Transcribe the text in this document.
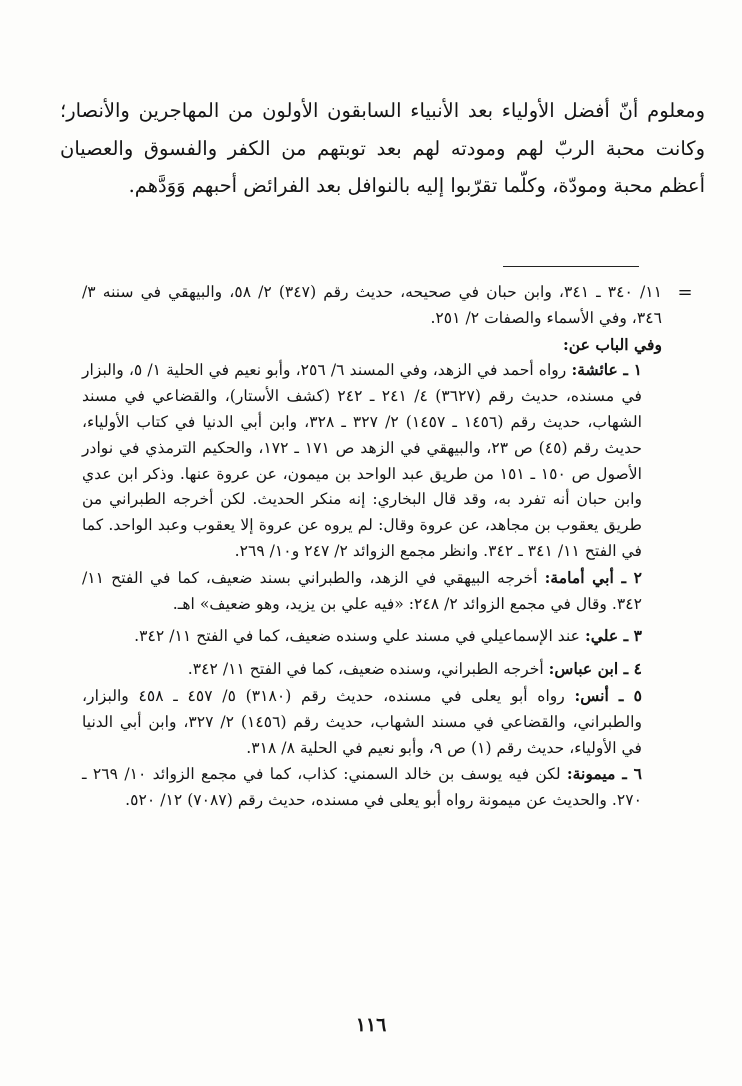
ومعلوم أنّ أفضل الأولياء بعد الأنبياء السابقون الأولون من المهاجرين والأنصار؛ وكانت محبة الربّ لهم ومودته لهم بعد توبتهم من الكفر والفسوق والعصيان أعظم محبة ومودّة، وكلّما تقرّبوا إليه بالنوافل بعد الفرائض أحبهم وَوَدَّهم.

=

١١/ ٣٤٠ ـ ٣٤١، وابن حبان في صحيحه، حديث رقم (٣٤٧) ٢/ ٥٨، والبيهقي في سننه ٣/ ٣٤٦، وفي الأسماء والصفات ٢/ ٢٥١.

وفي الباب عن:

١ ـ عائشة: رواه أحمد في الزهد، وفي المسند ٦/ ٢٥٦، وأبو نعيم في الحلية ١/ ٥، والبزار في مسنده، حديث رقم (٣٦٢٧) ٤/ ٢٤١ ـ ٢٤٢ (كشف الأستار)، والقضاعي في مسند الشهاب، حديث رقم (١٤٥٦ ـ ١٤٥٧) ٢/ ٣٢٧ ـ ٣٢٨، وابن أبي الدنيا في كتاب الأولياء، حديث رقم (٤٥) ص ٢٣، والبيهقي في الزهد ص ١٧١ ـ ١٧٢، والحكيم الترمذي في نوادر الأصول ص ١٥٠ ـ ١٥١ من طريق عبد الواحد بن ميمون، عن عروة عنها. وذكر ابن عدي وابن حبان أنه تفرد به، وقد قال البخاري: إنه منكر الحديث. لكن أخرجه الطبراني من طريق يعقوب بن مجاهد، عن عروة وقال: لم يروه عن عروة إلا يعقوب وعبد الواحد. كما في الفتح ١١/ ٣٤١ ـ ٣٤٢. وانظر مجمع الزوائد ٢/ ٢٤٧ و١٠/ ٢٦٩.

٢ ـ أبي أمامة: أخرجه البيهقي في الزهد، والطبراني بسند ضعيف، كما في الفتح ١١/ ٣٤٢. وقال في مجمع الزوائد ٢/ ٢٤٨: «فيه علي بن يزيد، وهو ضعيف» اهـ.

٣ ـ علي: عند الإسماعيلي في مسند علي وسنده ضعيف، كما في الفتح ١١/ ٣٤٢.

٤ ـ ابن عباس: أخرجه الطبراني، وسنده ضعيف، كما في الفتح ١١/ ٣٤٢.

٥ ـ أنس: رواه أبو يعلى في مسنده، حديث رقم (٣١٨٠) ٥/ ٤٥٧ ـ ٤٥٨ والبزار، والطبراني، والقضاعي في مسند الشهاب، حديث رقم (١٤٥٦) ٢/ ٣٢٧، وابن أبي الدنيا في الأولياء، حديث رقم (١) ص ٩، وأبو نعيم في الحلية ٨/ ٣١٨.

٦ ـ ميمونة: لكن فيه يوسف بن خالد السمني: كذاب، كما في مجمع الزوائد ١٠/ ٢٦٩ ـ ٢٧٠. والحديث عن ميمونة رواه أبو يعلى في مسنده، حديث رقم (٧٠٨٧) ١٢/ ٥٢٠.

١١٦
